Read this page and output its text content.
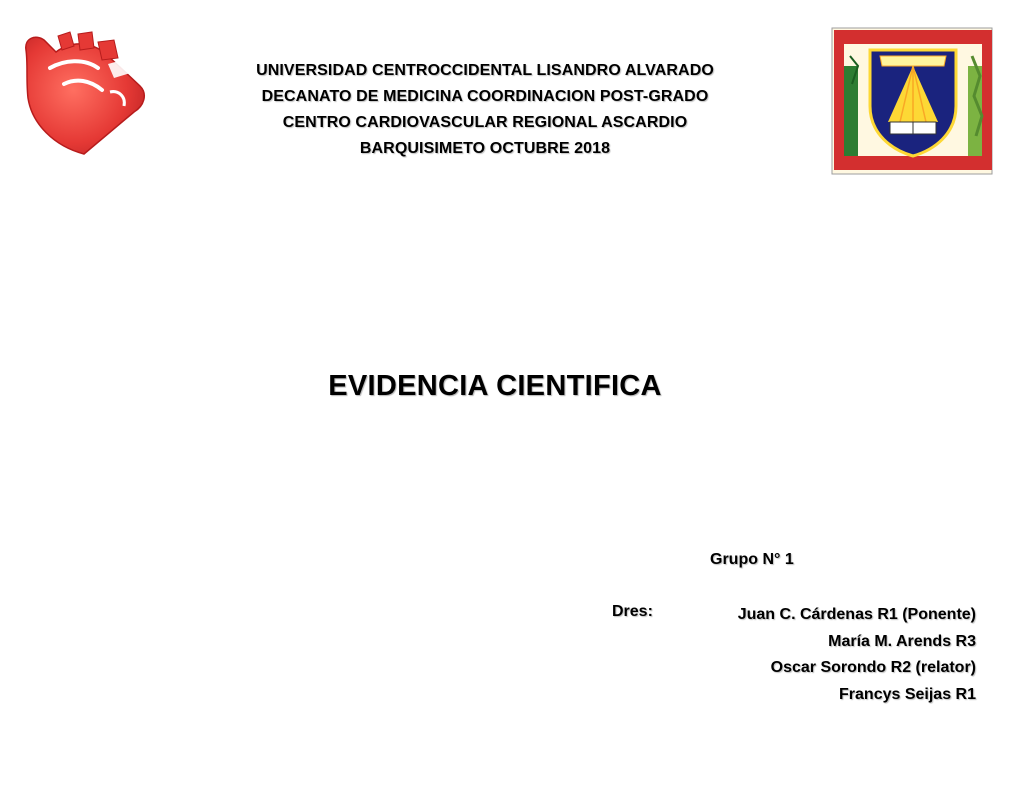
UNIVERSIDAD CENTROCCIDENTAL LISANDRO ALVARADO
DECANATO DE MEDICINA COORDINACION POST-GRADO
CENTRO CARDIOVASCULAR REGIONAL ASCARDIO
BARQUISIMETO OCTUBRE 2018
EVIDENCIA CIENTIFICA
Grupo N° 1
Dres:	Juan C. Cárdenas R1 (Ponente)
María M. Arends R3
Oscar Sorondo R2 (relator)
Francys Seijas R1
